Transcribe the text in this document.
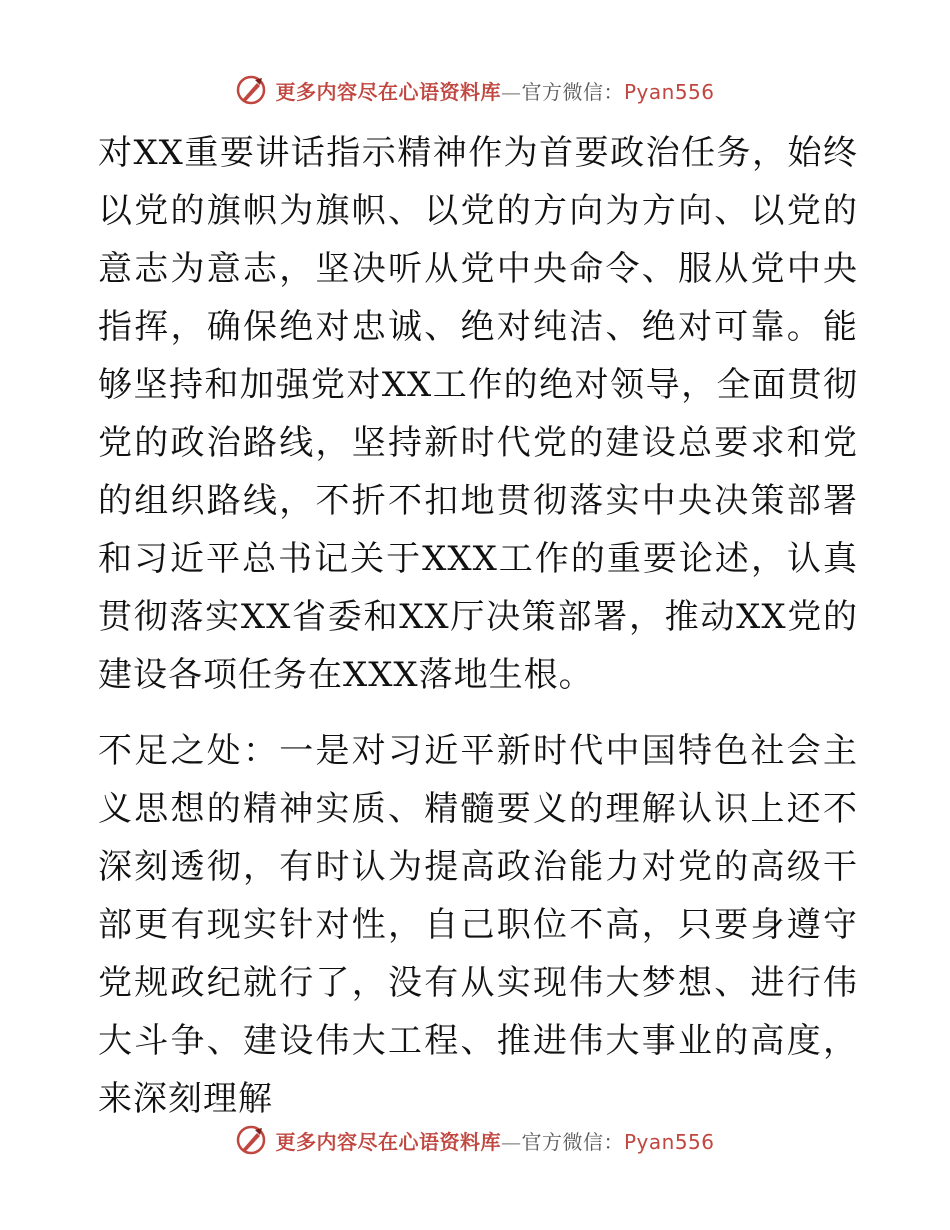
更多内容尽在心语资料库—官方微信：Pyan556

对XX重要讲话指示精神作为首要政治任务，始终以党的旗帜为旗帜、以党的方向为方向、以党的意志为意志，坚决听从党中央命令、服从党中央指挥，确保绝对忠诚、绝对纯洁、绝对可靠。能够坚持和加强党对XX工作的绝对领导，全面贯彻党的政治路线，坚持新时代党的建设总要求和党的组织路线，不折不扣地贯彻落实中央决策部署和习近平总书记关于XXX工作的重要论述，认真贯彻落实XX省委和XX厅决策部署，推动XX党的建设各项任务在XXX落地生根。

不足之处：一是对习近平新时代中国特色社会主义思想的精神实质、精髓要义的理解认识上还不深刻透彻，有时认为提高政治能力对党的高级干部更有现实针对性，自己职位不高，只要身遵守党规政纪就行了，没有从实现伟大梦想、进行伟大斗争、建设伟大工程、推进伟大事业的高度，来深刻理解

更多内容尽在心语资料库—官方微信：Pyan556
